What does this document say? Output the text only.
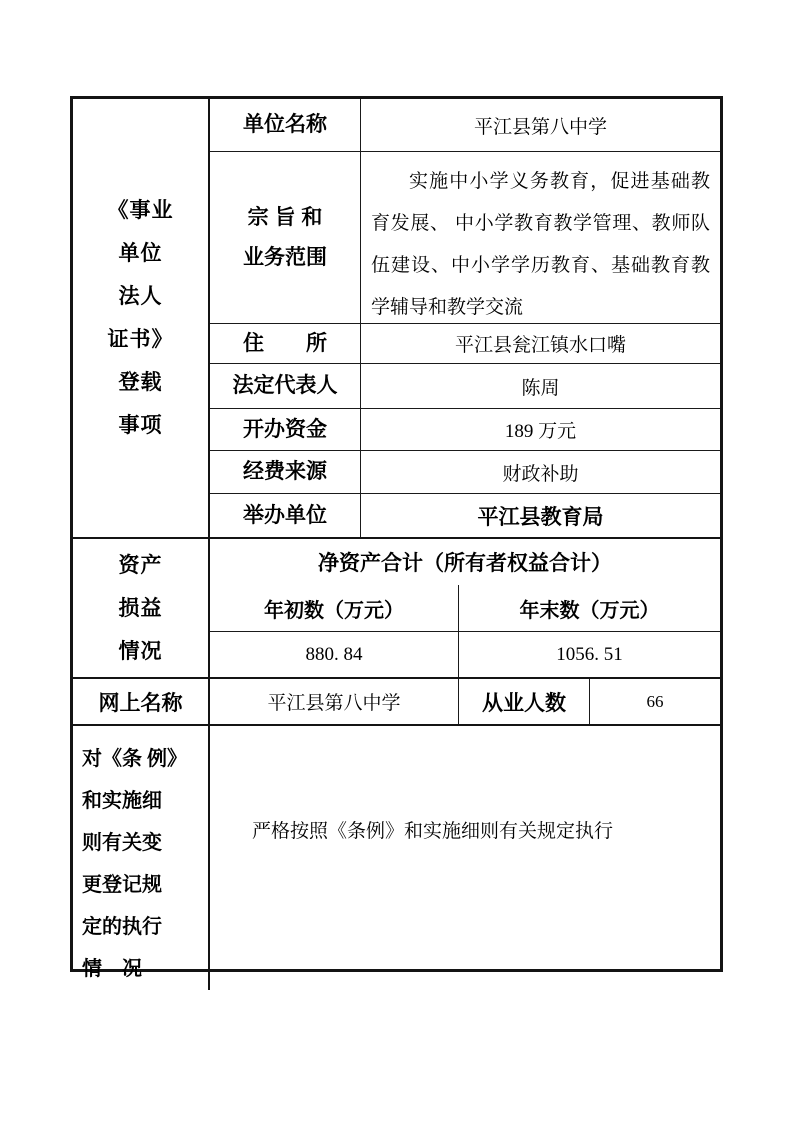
《事业
单位
法人
证书》
登载
事项
单位名称	平江县第八中学
宗 旨 和
业务范围
实施中小学义务教育，促进基础教育发展、 中小学教育教学管理、教师队伍建设、中小学学历教育、基础教育教学辅导和教学交流
住　　所	平江县瓮江镇水口嘴
法定代表人	陈周
开办资金	189 万元
经费来源	财政补助
举办单位	平江县教育局
资产
损益
情况
净资产合计（所有者权益合计）
年初数（万元）	年末数（万元）
880. 84	1056. 51
网上名称	平江县第八中学	从业人数	66
对《条 例》
和实施细
则有关变
更登记规
定的执行
情　况
严格按照《条例》和实施细则有关规定执行
